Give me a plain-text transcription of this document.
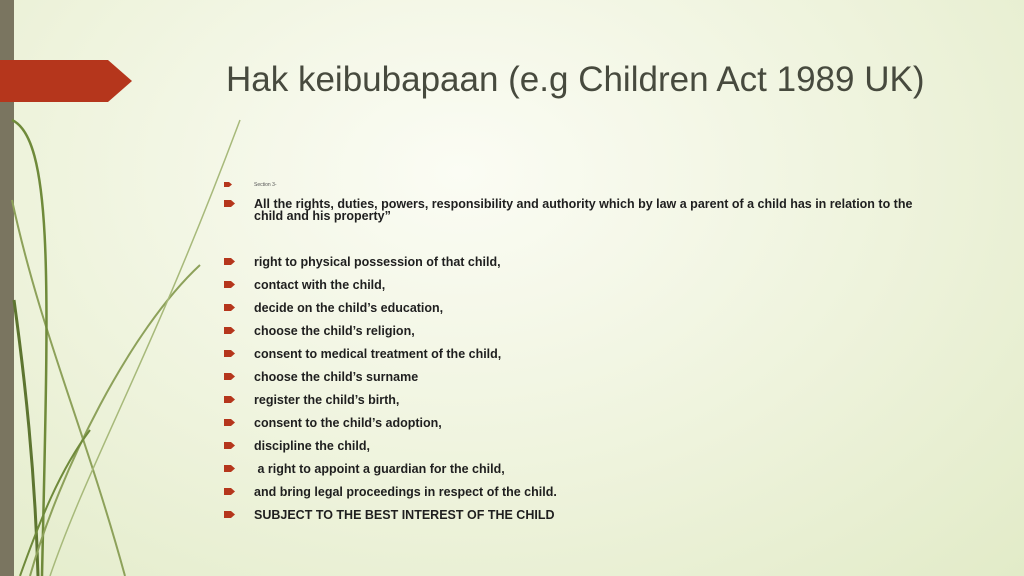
Hak keibubapaan (e.g Children Act 1989 UK)
Section 3-
All the rights, duties, powers, responsibility and authority which by law a parent of a child has in relation to the child and his property”
right to physical possession of that child,
contact with the child,
decide on the child’s education,
choose the child’s religion,
consent to medical treatment of the child,
choose the child’s surname
register the child’s birth,
consent to the child’s adoption,
discipline the child,
a right to appoint a guardian for the child,
and bring legal proceedings in respect of the child.
SUBJECT TO THE BEST INTEREST OF THE CHILD
